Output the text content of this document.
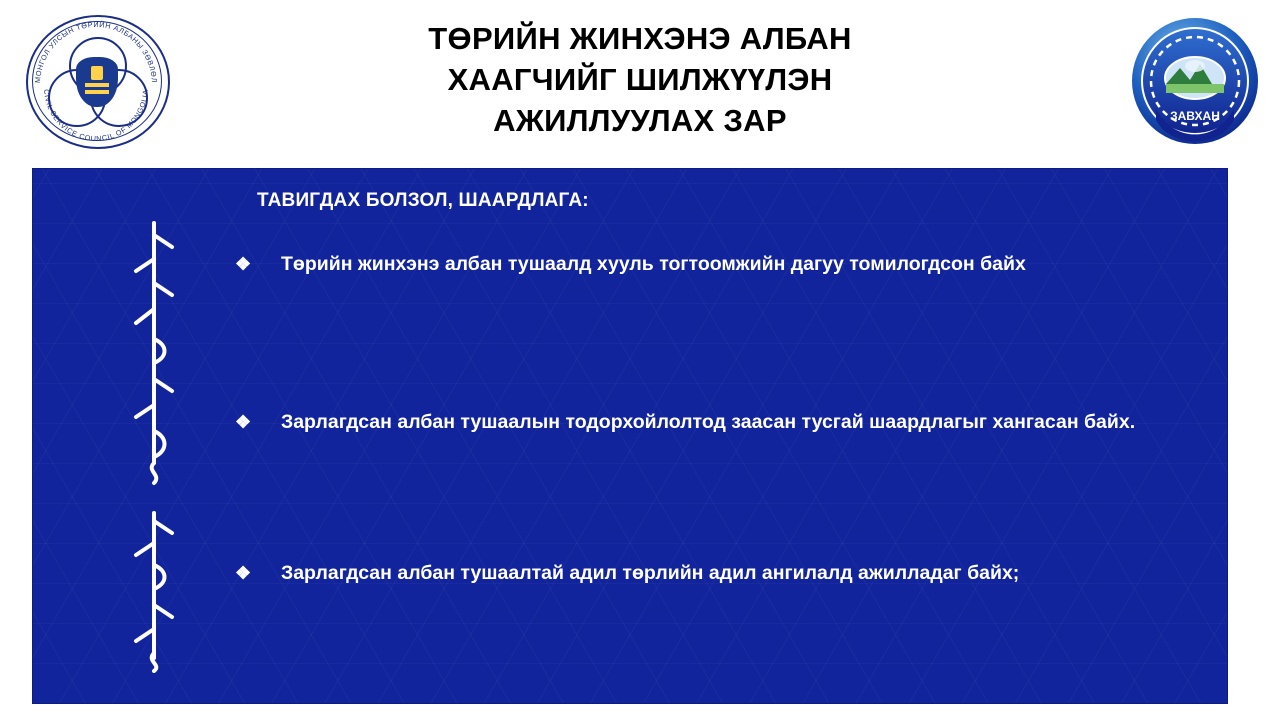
МОНГОЛ УЛСЫН ТӨРИЙН АЛБАНЫ ЗӨВЛӨЛ
CIVIL SERVICE COUNCIL OF MONGOLIA
ТӨРИЙН ЖИНХЭНЭ АЛБАН
ХААГЧИЙГ ШИЛЖҮҮЛЭН
АЖИЛЛУУЛАХ ЗАР	ЗАВХАН
ТАВИГДАХ БОЛЗОЛ, ШААРДЛАГА:
❖ Төрийн жинхэнэ албан тушаалд хууль тогтоомжийн дагуу томилогдсон байх
❖ Зарлагдсан албан тушаалын тодорхойлолтод заасан тусгай шаардлагыг хангасан байх.
❖ Зарлагдсан албан тушаалтай адил төрлийн адил ангилалд ажилладаг байх;
